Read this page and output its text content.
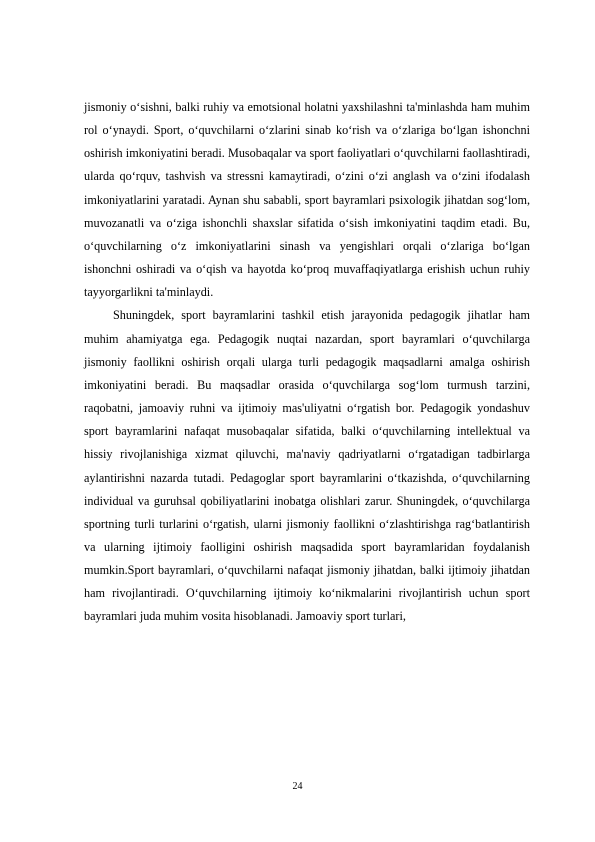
jismoniy o‘sishni, balki ruhiy va emotsional holatni yaxshilashni ta'minlashda ham muhim rol o‘ynaydi. Sport, o‘quvchilarni o‘zlarini sinab ko‘rish va o‘zlariga bo‘lgan ishonchni oshirish imkoniyatini beradi. Musobaqalar va sport faoliyatlari o‘quvchilarni faollashtiradi, ularda qo‘rquv, tashvish va stressni kamaytiradi, o‘zini o‘zi anglash va o‘zini ifodalash imkoniyatlarini yaratadi. Aynan shu sababli, sport bayramlari psixologik jihatdan sog‘lom, muvozanatli va o‘ziga ishonchli shaxslar sifatida o‘sish imkoniyatini taqdim etadi. Bu, o‘quvchilarning o‘z imkoniyatlarini sinash va yengishlari orqali o‘zlariga bo‘lgan ishonchni oshiradi va o‘qish va hayotda ko‘proq muvaffaqiyatlarga erishish uchun ruhiy tayyorgarlikni ta'minlaydi.

Shuningdek, sport bayramlarini tashkil etish jarayonida pedagogik jihatlar ham muhim ahamiyatga ega. Pedagogik nuqtai nazardan, sport bayramlari o‘quvchilarga jismoniy faollikni oshirish orqali ularga turli pedagogik maqsadlarni amalga oshirish imkoniyatini beradi. Bu maqsadlar orasida o‘quvchilarga sog‘lom turmush tarzini, raqobatni, jamoaviy ruhni va ijtimoiy mas'uliyatni o‘rgatish bor. Pedagogik yondashuv sport bayramlarini nafaqat musobaqalar sifatida, balki o‘quvchilarning intellektual va hissiy rivojlanishiga xizmat qiluvchi, ma'naviy qadriyatlarni o‘rgatadigan tadbirlarga aylantirishni nazarda tutadi. Pedagoglar sport bayramlarini o‘tkazishda, o‘quvchilarning individual va guruhsal qobiliyatlarini inobatga olishlari zarur. Shuningdek, o‘quvchilarga sportning turli turlarini o‘rgatish, ularni jismoniy faollikni o‘zlashtirishga rag‘batlantirish va ularning ijtimoiy faolligini oshirish maqsadida sport bayramlaridan foydalanish mumkin.Sport bayramlari, o‘quvchilarni nafaqat jismoniy jihatdan, balki ijtimoiy jihatdan ham rivojlantiradi. O‘quvchilarning ijtimoiy ko‘nikmalarini rivojlantirish uchun sport bayramlari juda muhim vosita hisoblanadi. Jamoaviy sport turlari,

24
